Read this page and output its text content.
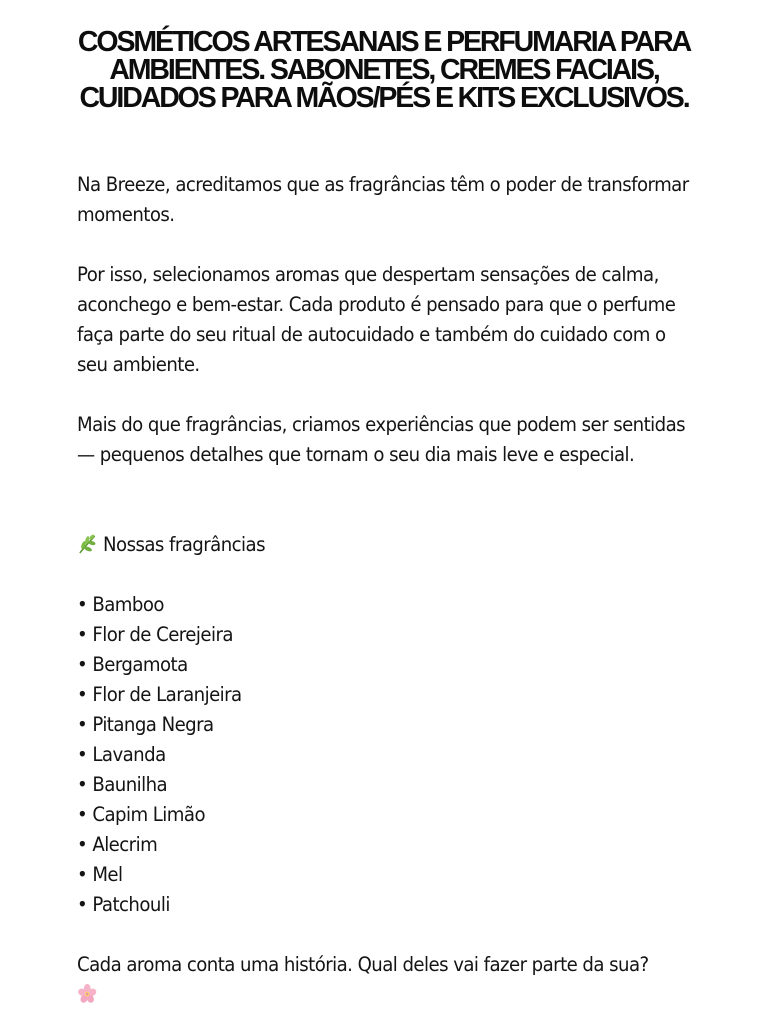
COSMÉTICOS ARTESANAIS E PERFUMARIA PARA AMBIENTES. SABONETES, CREMES FACIAIS, CUIDADOS PARA MÃOS/PÉS E KITS EXCLUSIVOS.

Na Breeze, acreditamos que as fragrâncias têm o poder de transformar momentos.

Por isso, selecionamos aromas que despertam sensações de calma, aconchego e bem-estar. Cada produto é pensado para que o perfume faça parte do seu ritual de autocuidado e também do cuidado com o seu ambiente.

Mais do que fragrâncias, criamos experiências que podem ser sentidas — pequenos detalhes que tornam o seu dia mais leve e especial.

Nossas fragrâncias
• Bamboo
• Flor de Cerejeira
• Bergamota
• Flor de Laranjeira
• Pitanga Negra
• Lavanda
• Baunilha
• Capim Limão
• Alecrim
• Mel
• Patchouli

Cada aroma conta uma história. Qual deles vai fazer parte da sua?
